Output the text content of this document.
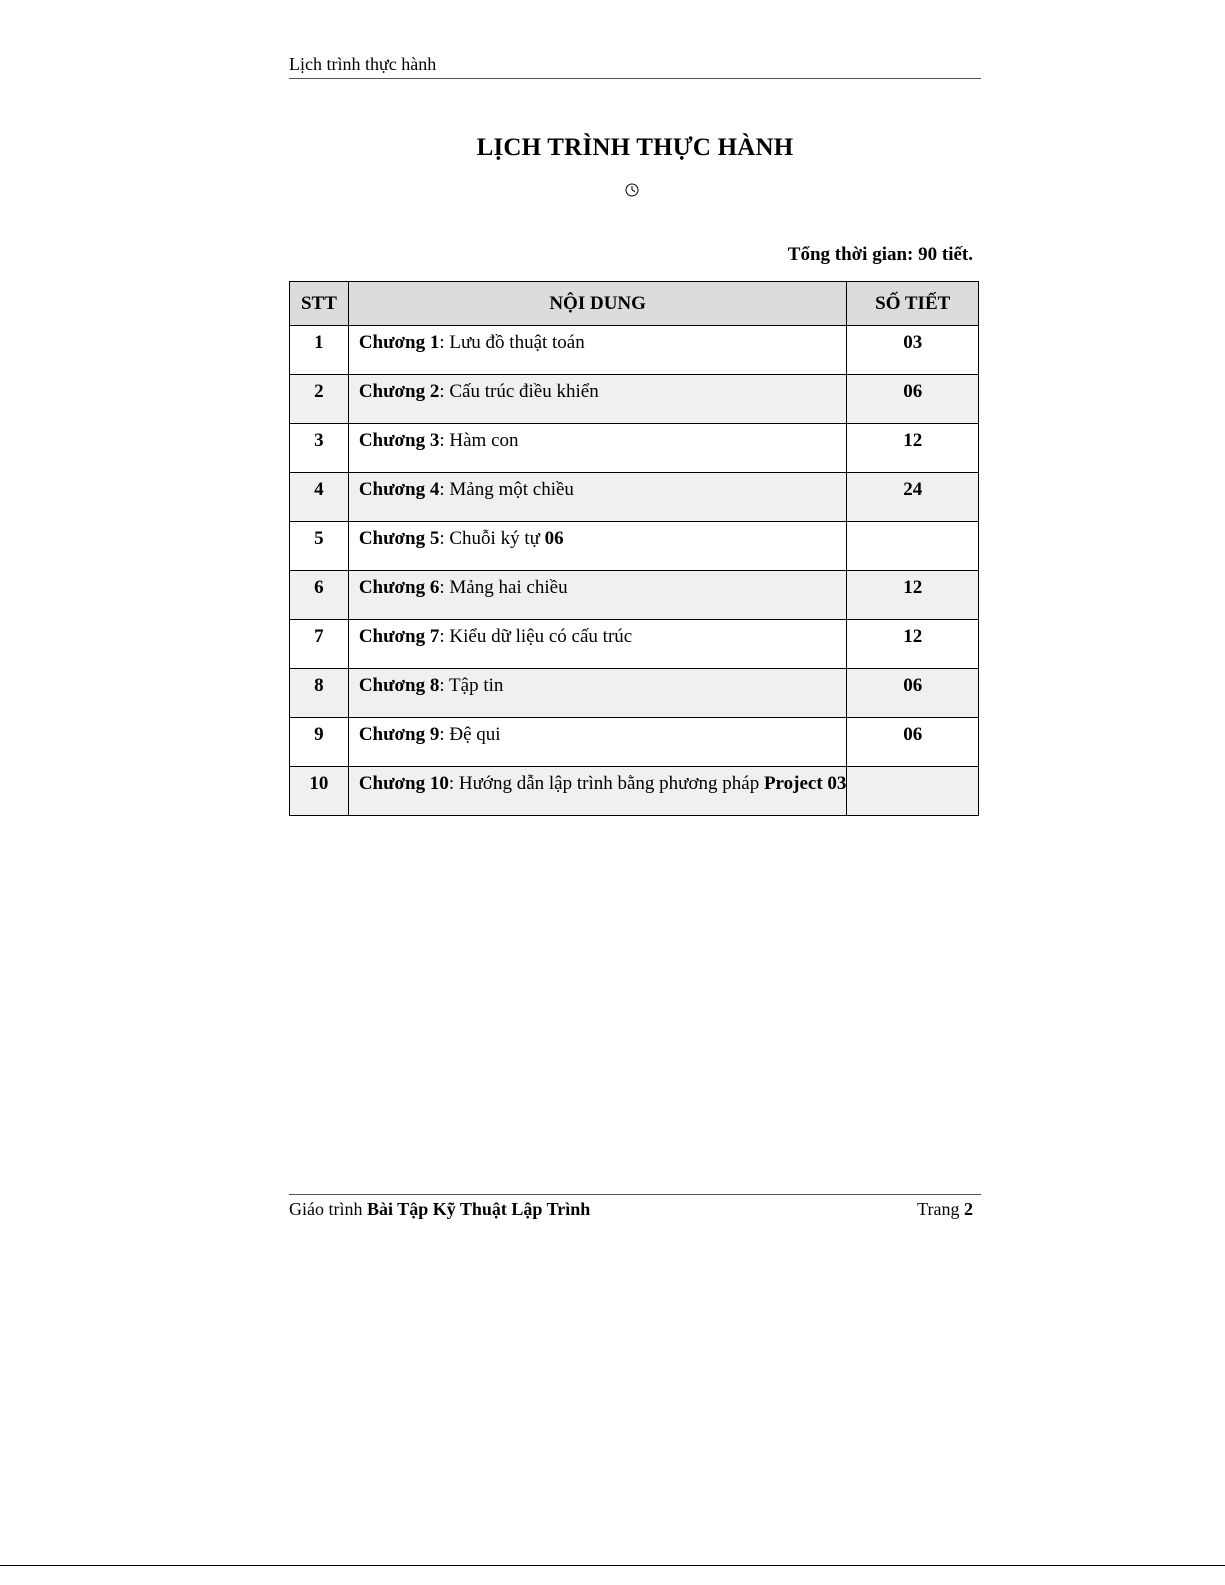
Lịch trình thực hành
LỊCH TRÌNH THỰC HÀNH
Tổng thời gian: 90 tiết.
STT	NỘI DUNG	SỐ TIẾT
1	Chương 1: Lưu đồ thuật toán	03
2	Chương 2: Cấu trúc điều khiển	06
3	Chương 3: Hàm con	12
4	Chương 4: Mảng một chiều	24
5	Chương 5: Chuỗi ký tự 06	
6	Chương 6: Mảng hai chiều	12
7	Chương 7: Kiểu dữ liệu có cấu trúc	12
8	Chương 8: Tập tin	06
9	Chương 9: Đệ qui	06
10	Chương 10: Hướng dẫn lập trình bằng phương pháp Project 03	
Giáo trình Bài Tập Kỹ Thuật Lập Trình	Trang 2
